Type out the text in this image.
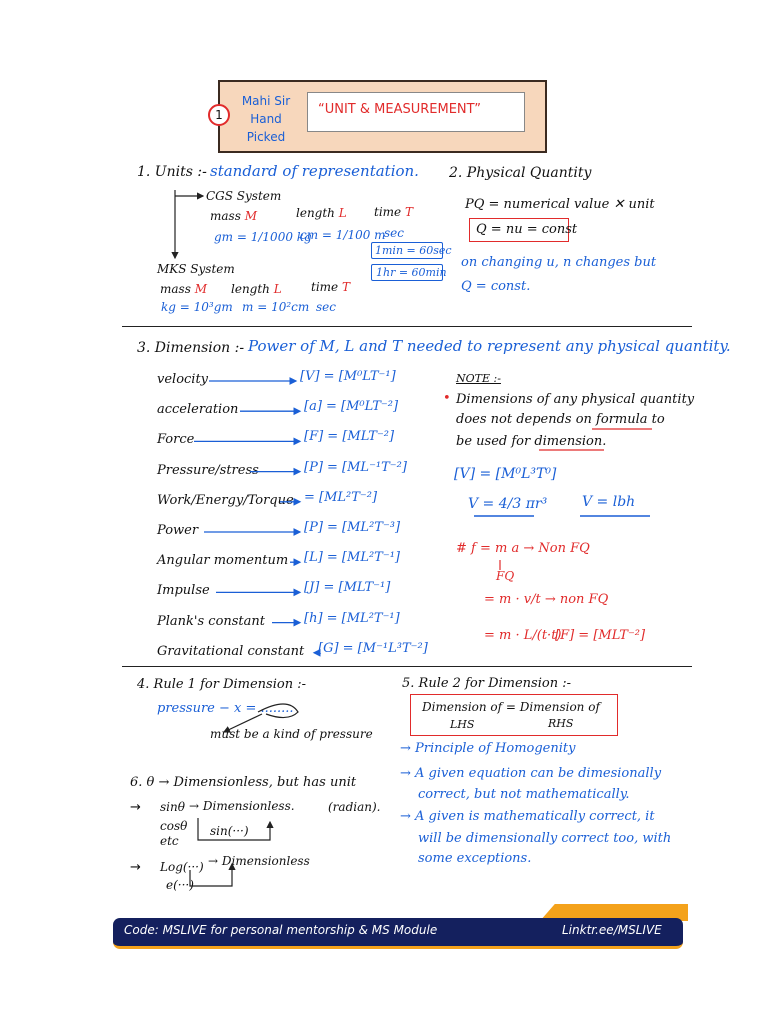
1
Mahi Sir Hand Picked
“UNIT & MEASUREMENT”
1. Units :- standard of representation.
CGS System
mass M	length L time T
gm = 1/1000 kg
cm = 1/100 m
sec
1min = 60sec
1hr = 60min
MKS System
mass M length L time T
kg = 10³gm m = 10²cm sec
2. Physical Quantity
PQ = numerical value ✕ unit
Q = nu = const
on changing u, n changes but
Q = const.
3. Dimension :- Power of M, L and T needed to represent any physical quantity.
velocity	[V] = [M⁰LT⁻¹]
acceleration	[a] = [M⁰LT⁻²]
Force	[F] = [MLT⁻²]
Pressure/stress	[P] = [ML⁻¹T⁻²]
Work/Energy/Torque = [ML²T⁻²]
Power	[P] = [ML²T⁻³]
Angular momentum [L] = [ML²T⁻¹]
Impulse	[J] = [MLT⁻¹]
Plank's constant	[h] = [ML²T⁻¹]
Gravitational constant [G] = [M⁻¹L³T⁻²]
NOTE :-
• Dimensions of any physical quantity
does not depends on formula to
be used for dimension.
[V] = [M⁰L³T⁰]
V = 4/3 πr³ V = lbh
# f = m a → Non FQ
FQ
= m · v/t → non FQ
= m · L/(t·t)
[F] = [MLT⁻²]
4. Rule 1 for Dimension :-
pressure − x = ........
must be a kind of pressure
5. Rule 2 for Dimension :-
Dimension of = Dimension of
LHS	RHS
→ Principle of Homogenity
→ A given equation can be dimesionally
correct, but not mathematically.
→ A given is mathematically correct, it
will be dimensionally correct too, with
some exceptions.
6. θ → Dimensionless, but has unit
(radian).
→ sinθ → Dimensionless.
cosθ
etc
sin(···)
→ Log(···) → Dimensionless
e(···)
Code: MSLIVE for personal mentorship & MS Module	Linktr.ee/MSLIVE
